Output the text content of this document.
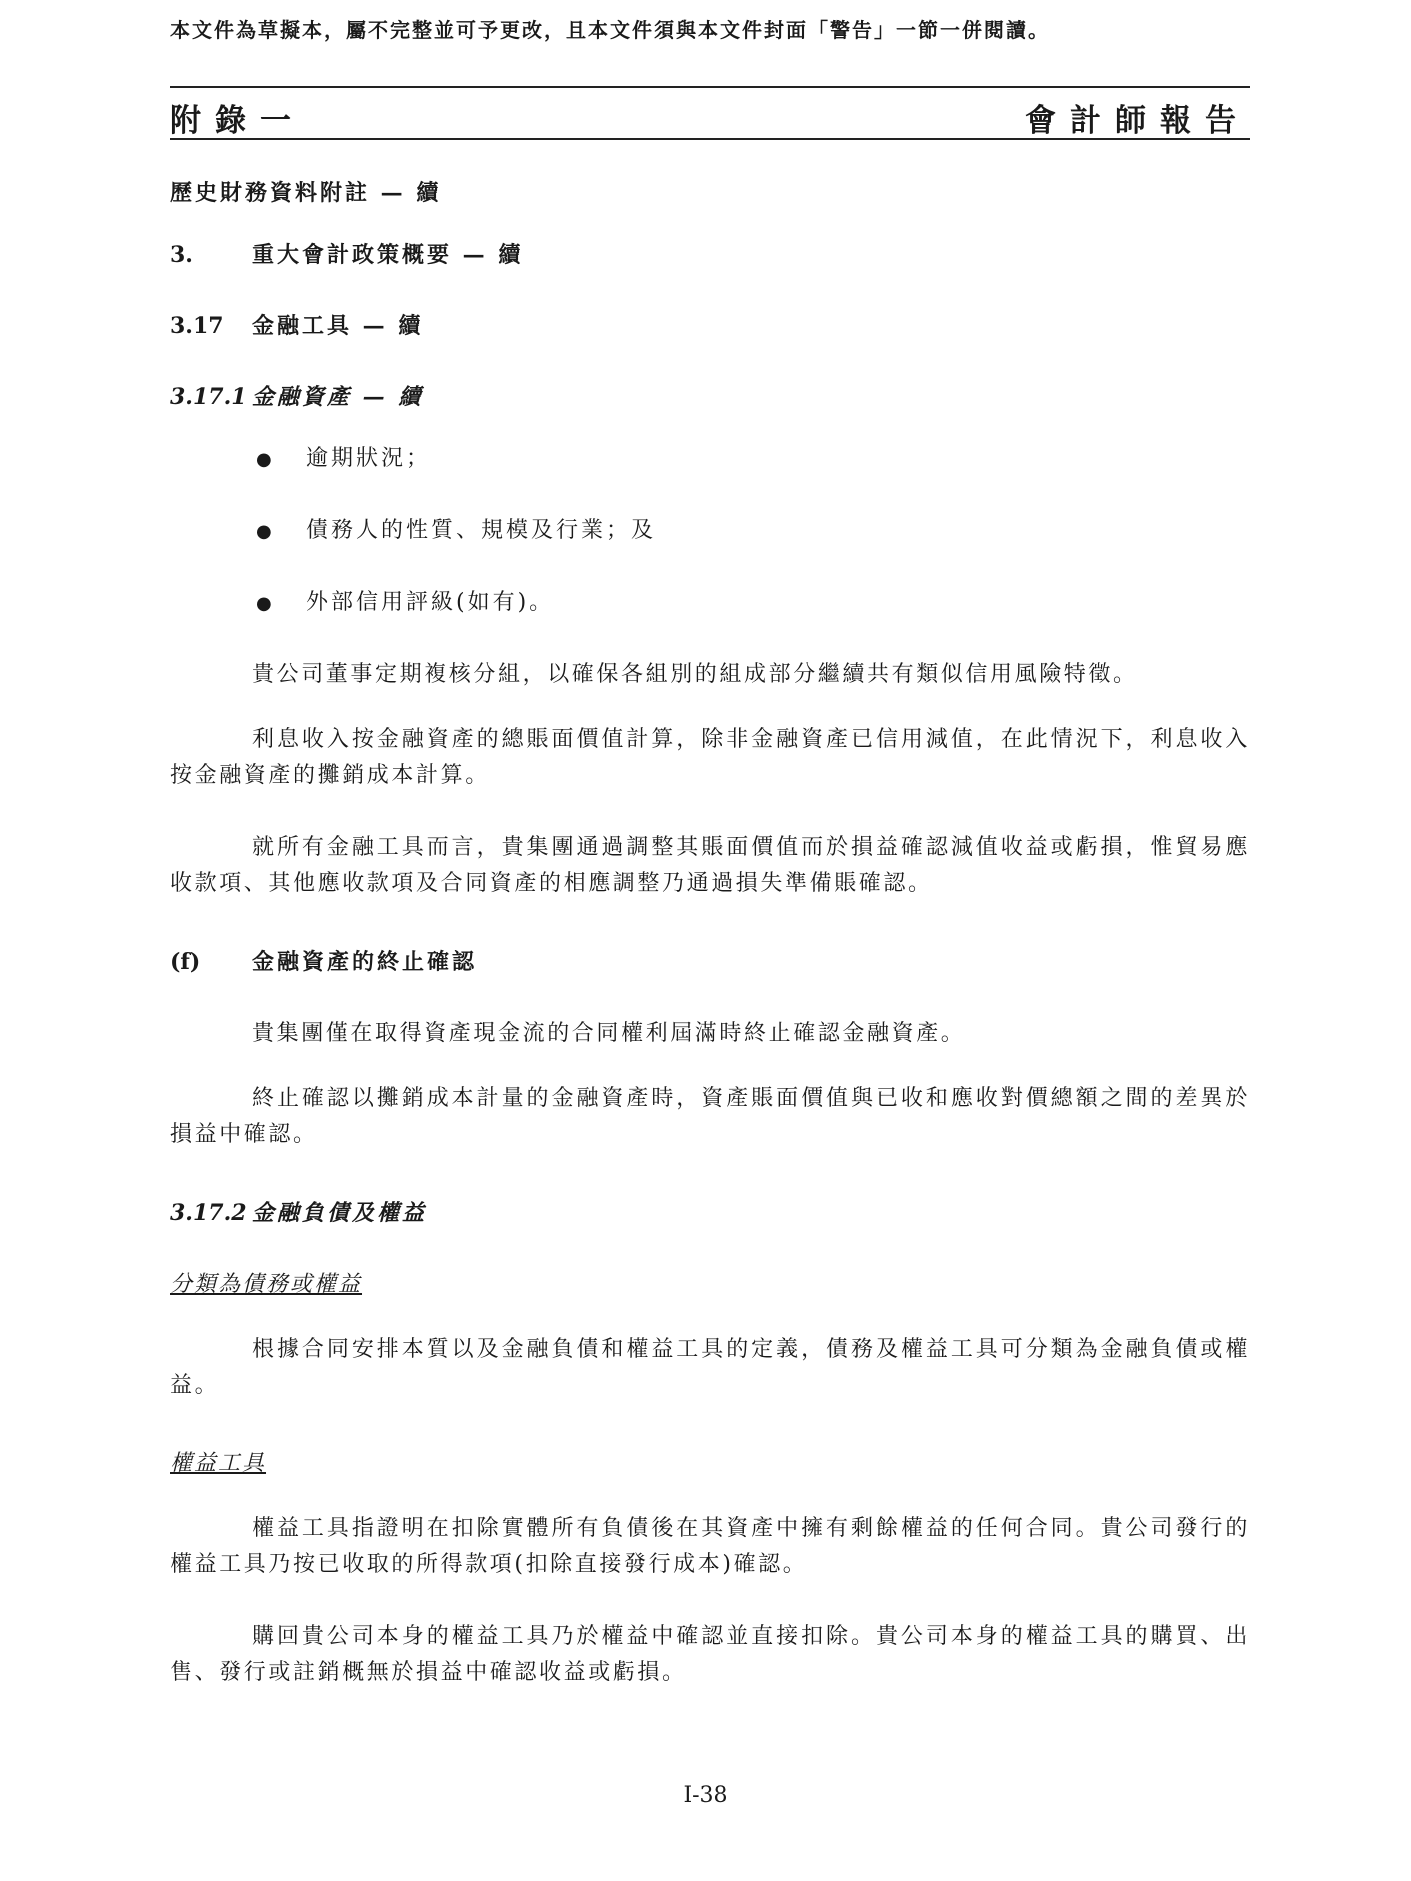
本文件為草擬本，屬不完整並可予更改，且本文件須與本文件封面「警告」一節一併閱讀。
附錄一	會計師報告
歷史財務資料附註 — 續
3.	重大會計政策概要 — 續
3.17 金融工具 — 續
3.17.1 金融資產 — 續
● 逾期狀況；
● 債務人的性質、規模及行業；及
● 外部信用評級(如有)。
貴公司董事定期複核分組，以確保各組別的組成部分繼續共有類似信用風險特徵。
利息收入按金融資產的總賬面價值計算，除非金融資產已信用減值，在此情況下，利息收入按金融資產的攤銷成本計算。
就所有金融工具而言，貴集團通過調整其賬面價值而於損益確認減值收益或虧損，惟貿易應收款項、其他應收款項及合同資產的相應調整乃通過損失準備賬確認。
(f) 金融資產的終止確認
貴集團僅在取得資產現金流的合同權利屆滿時終止確認金融資產。
終止確認以攤銷成本計量的金融資產時，資產賬面價值與已收和應收對價總額之間的差異於損益中確認。
3.17.2 金融負債及權益
分類為債務或權益
根據合同安排本質以及金融負債和權益工具的定義，債務及權益工具可分類為金融負債或權益。
權益工具
權益工具指證明在扣除實體所有負債後在其資產中擁有剩餘權益的任何合同。貴公司發行的權益工具乃按已收取的所得款項(扣除直接發行成本)確認。
購回貴公司本身的權益工具乃於權益中確認並直接扣除。貴公司本身的權益工具的購買、出售、發行或註銷概無於損益中確認收益或虧損。
I-38
